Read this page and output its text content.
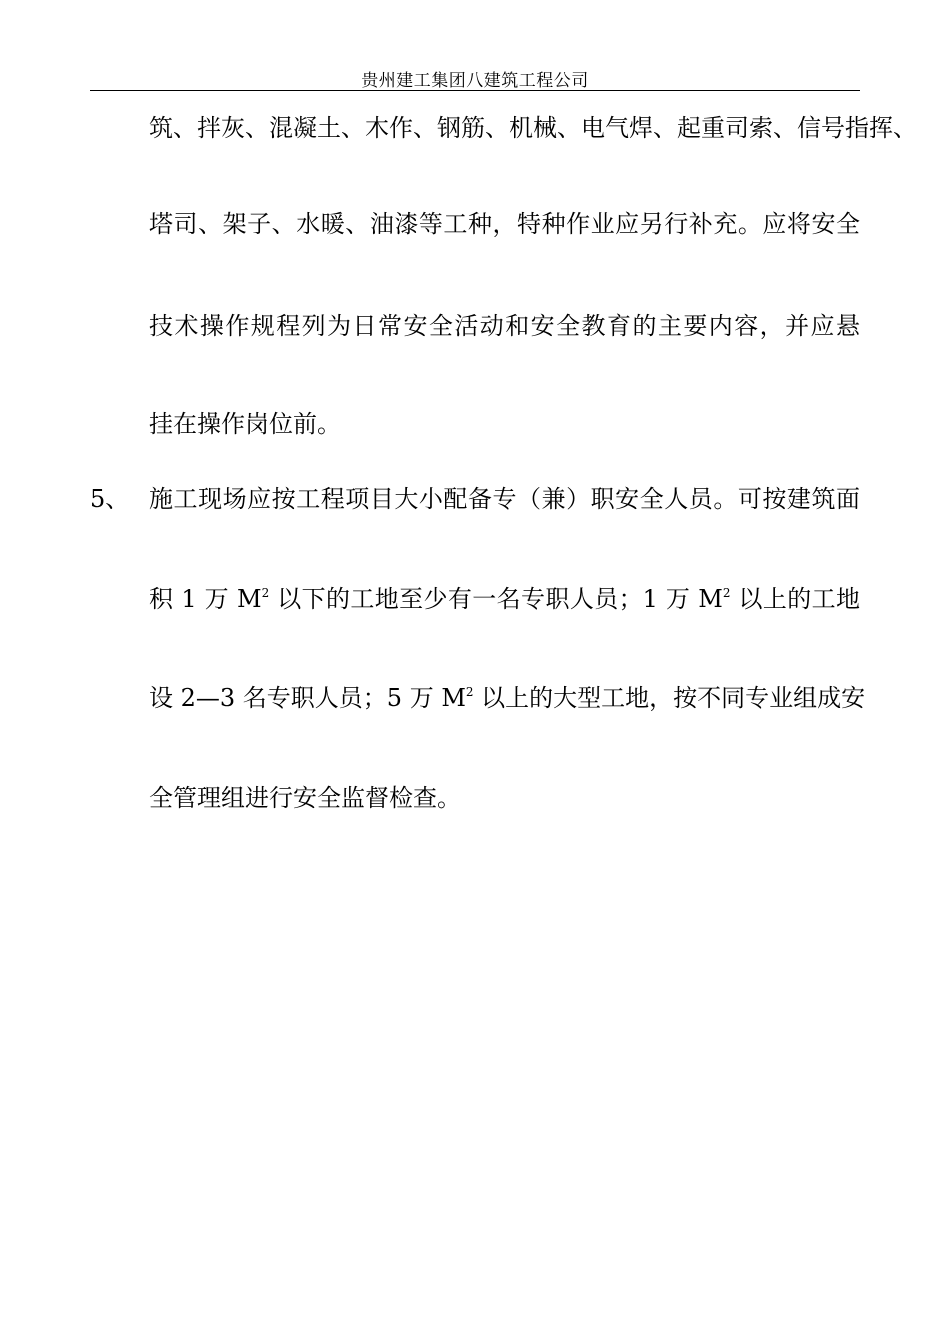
贵州建工集团八建筑工程公司
筑、拌灰、混凝土、木作、钢筋、机械、电气焊、起重司索、信号指挥、
塔司、架子、水暖、油漆等工种，特种作业应另行补充。应将安全
技术操作规程列为日常安全活动和安全教育的主要内容，并应悬
挂在操作岗位前。
5、 施工现场应按工程项目大小配备专（兼）职安全人员。可按建筑面
积 1 万 $M^2$ 以下的工地至少有一名专职人员；1 万 $M^2$ 以上的工地
设 2—3 名专职人员；5 万 $M^2$ 以上的大型工地，按不同专业组成安
全管理组进行安全监督检查。
